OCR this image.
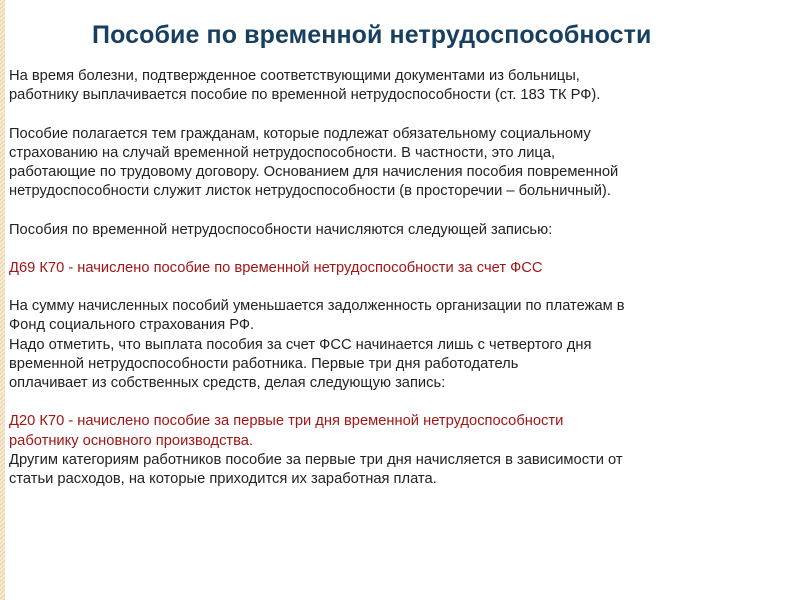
Пособие по временной нетрудоспособности
На время болезни, подтвержденное соответствующими документами из больницы,
работнику выплачивается пособие по временной нетрудоспособности (ст. 183 ТК РФ).
Пособие полагается тем гражданам, которые подлежат обязательному социальному
страхованию на случай временной нетрудоспособности. В частности, это лица,
работающие по трудовому договору. Основанием для начисления пособия повременной
нетрудоспособности служит листок нетрудоспособности (в просторечии – больничный).
Пособия по временной нетрудоспособности начисляются следующей записью:
Д69 К70 - начислено пособие по временной нетрудоспособности за счет ФСС
На сумму начисленных пособий уменьшается задолженность организации по платежам в
Фонд социального страхования РФ.
Надо отметить, что выплата пособия за счет ФСС начинается лишь с четвертого дня
временной нетрудоспособности работника. Первые три дня работодатель
оплачивает из собственных средств, делая следующую запись:
Д20 К70 - начислено пособие за первые три дня временной нетрудоспособности
работнику основного производства.
Другим категориям работников пособие за первые три дня начисляется в зависимости от
статьи расходов, на которые приходится их заработная плата.
